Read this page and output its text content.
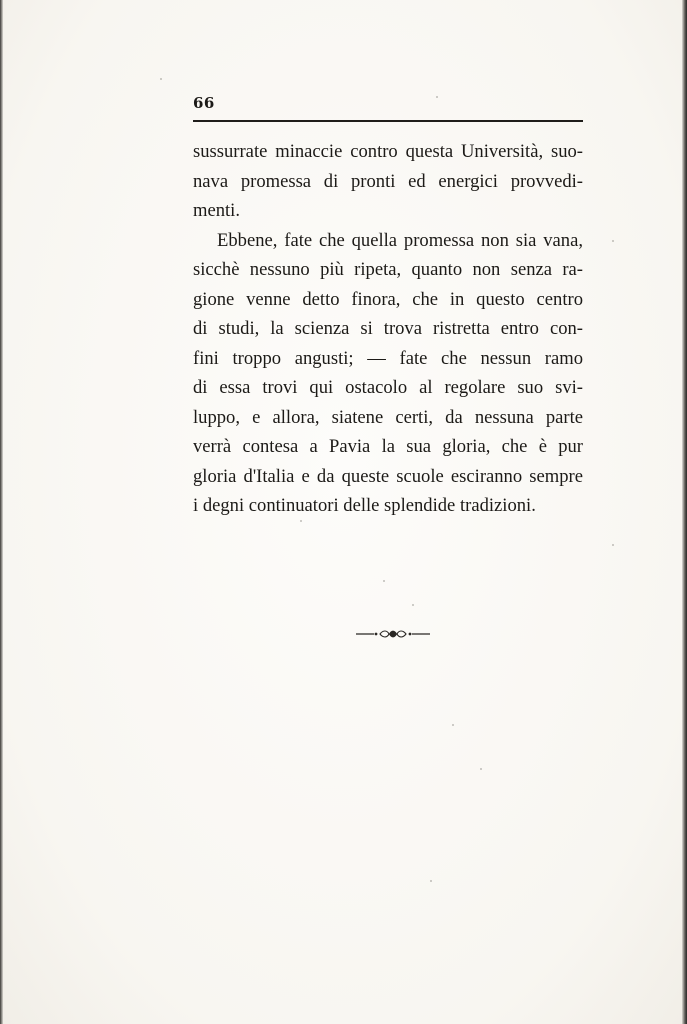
66
sussurrate minaccie contro questa Università, suo-
nava promessa di pronti ed energici provvedi-
menti.
Ebbene, fate che quella promessa non sia vana,
sicchè nessuno più ripeta, quanto non senza ra-
gione venne detto finora, che in questo centro
di studi, la scienza si trova ristretta entro con-
fini troppo angusti; — fate che nessun ramo
di essa trovi qui ostacolo al regolare suo svi-
luppo, e allora, siatene certi, da nessuna parte
verrà contesa a Pavia la sua gloria, che è pur
gloria d'Italia e da queste scuole esciranno sempre
i degni continuatori delle splendide tradizioni.
